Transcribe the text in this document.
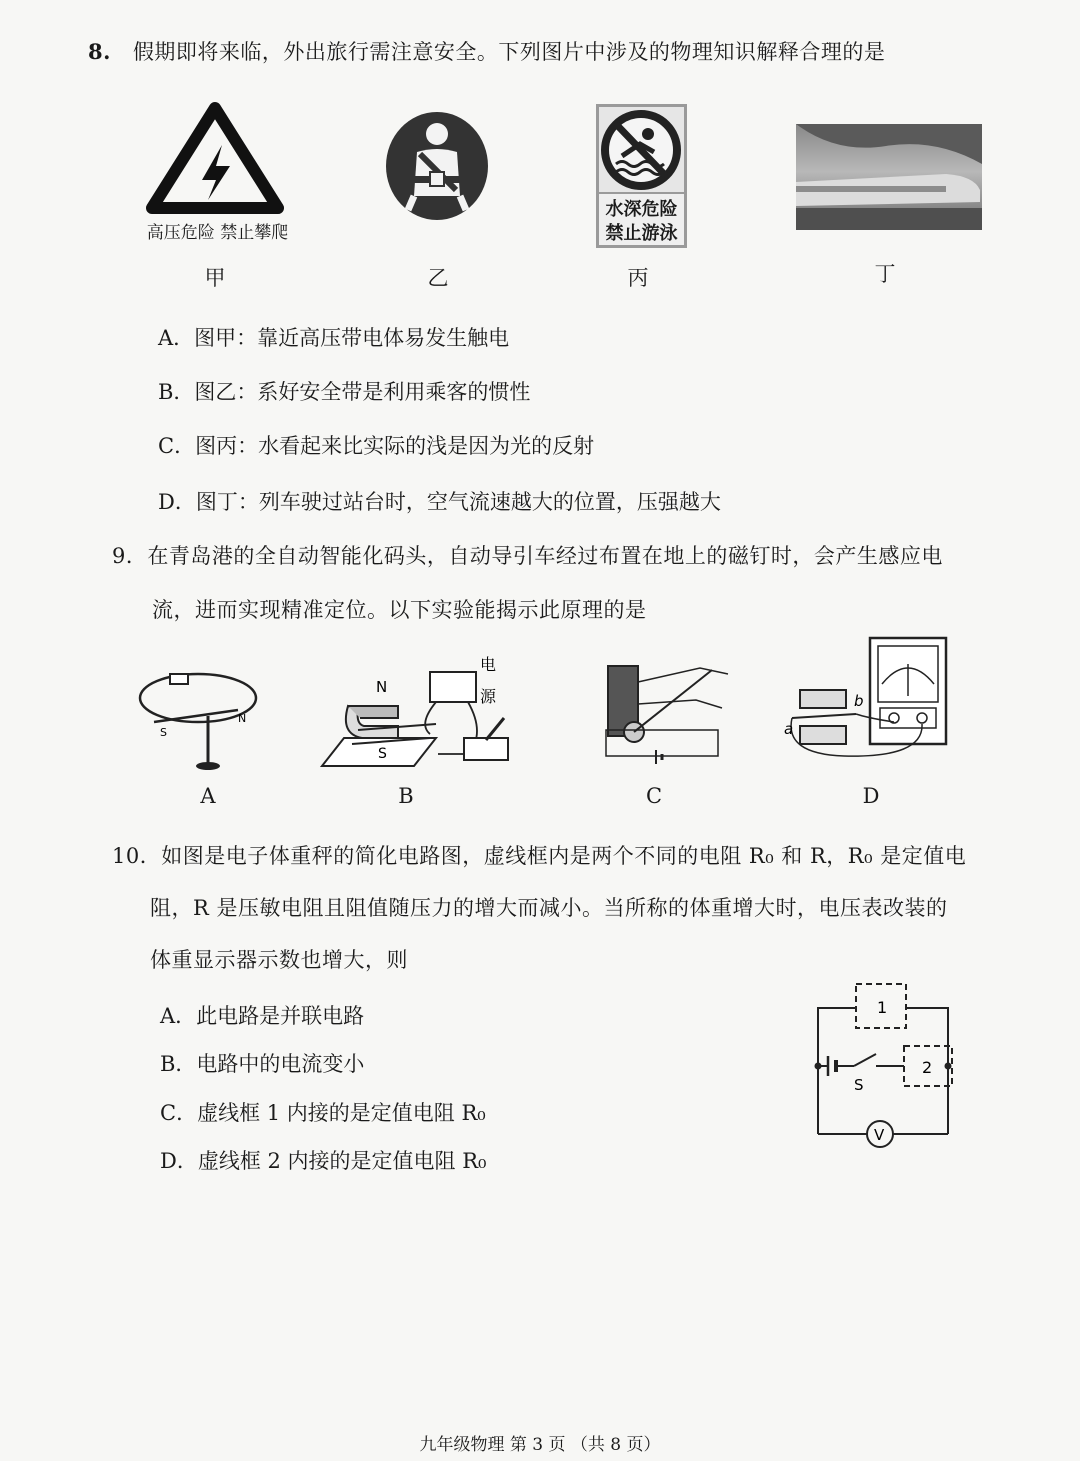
8. 假期即将来临，外出旅行需注意安全。下列图片中涉及的物理知识解释合理的是
高压危险 禁止攀爬
水深危险
禁止游泳
甲	乙	丙	丁
A．图甲：靠近高压带电体易发生触电
B．图乙：系好安全带是利用乘客的惯性
C．图丙：水看起来比实际的浅是因为光的反射
D．图丁：列车驶过站台时，空气流速越大的位置，压强越大
9．在青岛港的全自动智能化码头，自动导引车经过布置在地上的磁钉时，会产生感应电
流，进而实现精准定位。以下实验能揭示此原理的是
S
N
N
S
电
源
a
b
A	B	C	D
10．如图是电子体重秤的简化电路图，虚线框内是两个不同的电阻 R₀ 和 R，R₀ 是定值电
阻，R 是压敏电阻且阻值随压力的增大而减小。当所称的体重增大时，电压表改装的
体重显示器示数也增大，则
A．此电路是并联电路
B．电路中的电流变小
C．虚线框 1 内接的是定值电阻 R₀
D．虚线框 2 内接的是定值电阻 R₀
1
2
S
V
九年级物理 第 3 页 （共 8 页）
